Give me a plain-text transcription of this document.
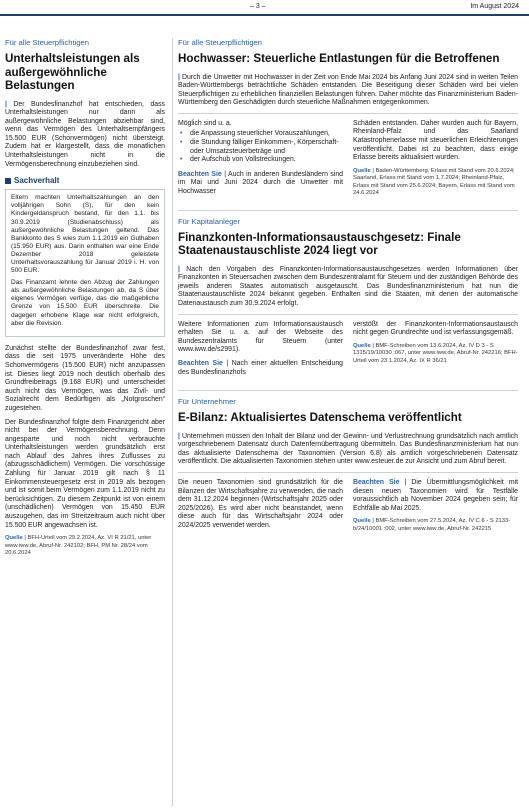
– 3 –	Im August 2024

Für alle Steuerpflichtigen

Unterhaltsleistungen als außergewöhnliche Belastungen

| Der Bundesfinanzhof hat entschieden, dass Unterhaltsleistungen nur dann als außergewöhnliche Belastungen abziehbar sind, wenn das Vermögen des Unterhaltsempfängers 15.500 EUR (Schonvermögen) nicht übersteigt. Zudem hat er klargestellt, dass die monatlichen Unterhaltsleistungen nicht in die Vermögensberechnung einzubeziehen sind.

Sachverhalt

Eltern machten Unterhaltszahlungen an den volljährigen Sohn (S), für den kein Kindergeldanspruch bestand, für den 1.1. bis 30.9.2019 (Studienabschluss) als außergewöhnliche Belastungen geltend. Das Bankkonto des S wies zum 1.1.2019 ein Guthaben (15.950 EUR) aus. Darin enthalten war eine Ende Dezember 2018 geleistete Unterhaltsvorauszahlung für Januar 2019 i. H. von 500 EUR.

Das Finanzamt lehnte den Abzug der Zahlungen als außergewöhnliche Belastungen ab, da S über eigenes Vermögen verfüge, das die maßgebliche Grenze von 15.500 EUR überschreite. Die dagegen erhobene Klage war nicht erfolgreich, aber die Revision.

Zunächst stellte der Bundesfinanzhof zwar fest, dass die seit 1975 unveränderte Höhe des Schonvermögens (15.500 EUR) nicht anzupassen ist. Dieses liegt 2019 noch deutlich oberhalb des Grundfreibetrags (9.168 EUR) und unterscheidet auch nicht das Vermögen, was das Zivil- und Sozialrecht dem Bedürftigen als „Notgroschen“ zugestehen.

Der Bundesfinanzhof folgte dem Finanzgericht aber nicht bei der Vermögensberechnung. Denn angesparte und noch nicht verbrauchte Unterhaltsleistungen werden grundsätzlich erst nach Ablauf des Jahres ihres Zuflusses zu (abzugsschädlichem) Vermögen. Die vorschüssige Zahlung für Januar 2019 gilt nach § 11 Einkommensteuergesetz erst in 2019 als bezogen und ist somit beim Vermögen zum 1.1.2019 nicht zu berücksichtigen. Zu diesem Zeitpunkt ist von einem (unschädlichen) Vermögen von 15.450 EUR auszugehen, das im Streitzeitraum auch nicht über 15.500 EUR angewachsen ist.

Quelle | BFH-Urteil vom 29.2.2024, Az. VI R 21/21, unter www.iww.de, Abruf-Nr. 242102; BFH, PM Nr. 28/24 vom 20.6.2024

Für alle Steuerpflichtigen

Hochwasser: Steuerliche Entlastungen für die Betroffenen

| Durch die Unwetter mit Hochwasser in der Zeit von Ende Mai 2024 bis Anfang Juni 2024 sind in weiten Teilen Baden-Württembergs beträchtliche Schäden entstanden. Die Beseitigung dieser Schäden wird bei vielen Steuerpflichtigen zu erheblichen finanziellen Belastungen führen. Daher möchte das Finanzministerium Baden-Württemberg den Geschädigten durch steuerliche Maßnahmen entgegenkommen.

Möglich sind u. a.

• die Anpassung steuerlicher Vorauszahlungen,
• die Stundung fälliger Einkommen-, Körperschaft- oder Umsatzsteuerbeträge und
• der Aufschub von Vollstreckungen.

Beachten Sie | Auch in anderen Bundesländern sind im Mai und Juni 2024 durch die Unwetter mit Hochwasser

Schäden entstanden. Daher wurden auch für Bayern, Rheinland-Pfalz und das Saarland Katastrophenerlasse mit steuerlichen Erleichterungen veröffentlicht. Dabei ist zu beachten, dass einige Erlasse bereits aktualisiert wurden.

Quelle | Baden-Württemberg, Erlass mit Stand vom 20.6.2024; Saarland, Erlass mit Stand vom 1.7.2024; Rheinland-Pfalz, Erlass mit Stand vom 25.6.2024; Bayern, Erlass mit Stand vom 24.6.2024

Für Kapitalanleger

Finanzkonten-Informationsaustauschgesetz: Finale Staatenaustauschliste 2024 liegt vor

| Nach den Vorgaben des Finanzkonten-Informationsaustauschgesetzes werden Informationen über Finanzkonten in Steuersachen zwischen dem Bundeszentralamt für Steuern und der zuständigen Behörde des jeweils anderen Staates automatisch ausgetauscht. Das Bundesfinanzministerium hat nun die Staatenaustauschliste 2024 bekannt gegeben. Enthalten sind die Staaten, mit denen der automatische Datenaustausch zum 30.9.2024 erfolgt.

Weitere Informationen zum Informationsaustausch erhalten Sie u. a. auf der Webseite des Bundeszentralamts für Steuern (unter www.iww.de/s2991).

Beachten Sie | Nach einer aktuellen Entscheidung des Bundesfinanzhofs

verstößt der Finanzkonten-Informationsaustausch nicht gegen Grundrechte und ist verfassungsgemäß.

Quelle | BMF-Schreiben vom 13.6.2024, Az. IV D 3 - S 1315/19/10030 :067, unter www.iww.de, Abruf-Nr. 242216; BFH-Urteil vom 23.1.2024, Az. IX R 36/21

Für Unternehmer

E-Bilanz: Aktualisiertes Datenschema veröffentlicht

| Unternehmen müssen den Inhalt der Bilanz und der Gewinn- und Verlustrechnung grundsätzlich nach amtlich vorgeschriebenem Datensatz durch Datenfernübertragung übermitteln. Das Bundesfinanzministerium hat nun das aktualisierte Datenschema der Taxonomien (Version 6.8) als amtlich vorgeschriebenen Datensatz veröffentlicht. Die aktualisierten Taxonomien stehen unter www.esteuer.de zur Ansicht und zum Abruf bereit.

Die neuen Taxonomien sind grundsätzlich für die Bilanzen der Wirtschaftsjahre zu verwenden, die nach dem 31.12.2024 beginnen (Wirtschaftsjahr 2025 oder 2025/2026). Es wird aber nicht beanstandet, wenn diese auch für das Wirtschaftsjahr 2024 oder 2024/2025 verwendet werden.

Beachten Sie | Die Übermittlungsmöglichkeit mit diesen neuen Taxonomien wird für Testfälle voraussichtlich ab November 2024 gegeben sein; für Echtfälle ab Mai 2025.

Quelle | BMF-Schreiben vom 27.5.2024, Az. IV C 6 - S 2133-b/24/10001 :002, unter www.iww.de, Abruf-Nr. 242215
